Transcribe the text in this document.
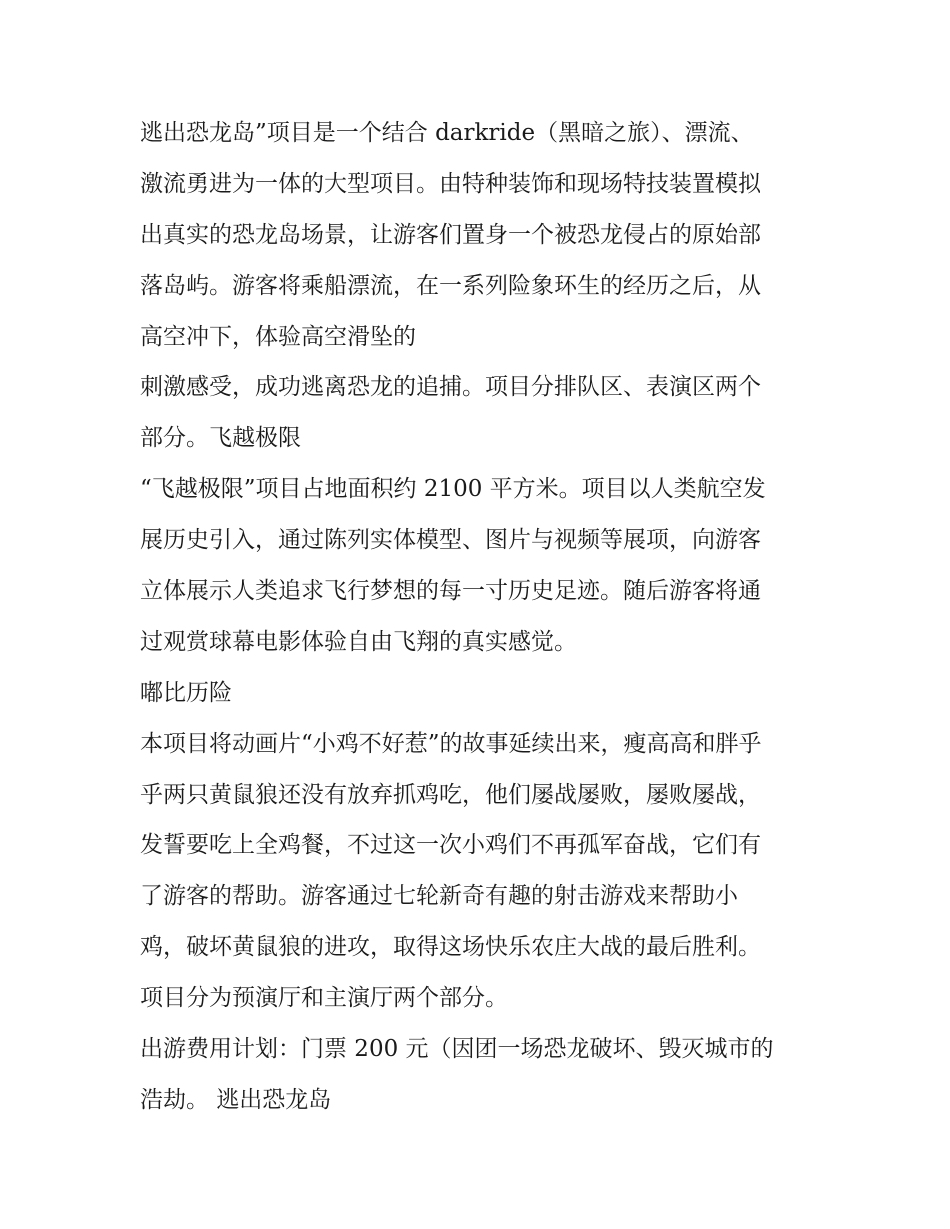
逃出恐龙岛”项目是一个结合 darkride（黑暗之旅）、漂流、
激流勇进为一体的大型项目。由特种装饰和现场特技装置模拟
出真实的恐龙岛场景，让游客们置身一个被恐龙侵占的原始部
落岛屿。游客将乘船漂流，在一系列险象环生的经历之后，从
高空冲下，体验高空滑坠的
刺激感受，成功逃离恐龙的追捕。项目分排队区、表演区两个
部分。飞越极限
“飞越极限”项目占地面积约 2100 平方米。项目以人类航空发
展历史引入，通过陈列实体模型、图片与视频等展项，向游客
立体展示人类追求飞行梦想的每一寸历史足迹。随后游客将通
过观赏球幕电影体验自由飞翔的真实感觉。
嘟比历险
本项目将动画片“小鸡不好惹”的故事延续出来，瘦高高和胖乎
乎两只黄鼠狼还没有放弃抓鸡吃，他们屡战屡败，屡败屡战，
发誓要吃上全鸡餐，不过这一次小鸡们不再孤军奋战，它们有
了游客的帮助。游客通过七轮新奇有趣的射击游戏来帮助小
鸡，破坏黄鼠狼的进攻，取得这场快乐农庄大战的最后胜利。
项目分为预演厅和主演厅两个部分。
出游费用计划：门票 200 元（因团一场恐龙破坏、毁灭城市的
浩劫。 逃出恐龙岛
